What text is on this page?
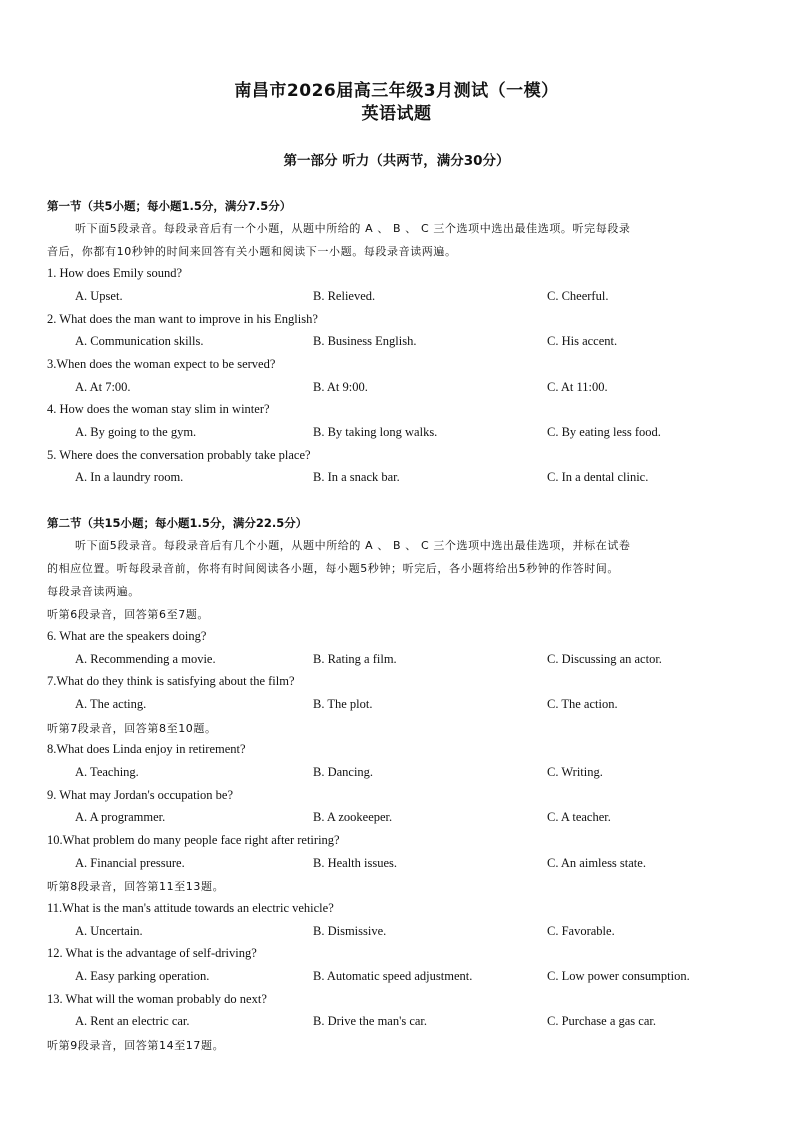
南昌市2026届高三年级3月测试（一模）
英语试题
第一部分 听力（共两节，满分30分）
第一节（共5小题；每小题1.5分，满分7.5分）
听下面5段录音。每段录音后有一个小题，从题中所给的 A 、 B 、 C 三个选项中选出最佳选项。听完每段录
音后，你都有10秒钟的时间来回答有关小题和阅读下一小题。每段录音读两遍。
1. How does Emily sound?
A. Upset.	B. Relieved.	C. Cheerful.
2. What does the man want to improve in his English?
A. Communication skills.	B. Business English.	C. His accent.
3.When does the woman expect to be served?
A. At 7:00.	B. At 9:00.	C. At 11:00.
4. How does the woman stay slim in winter?
A. By going to the gym.	B. By taking long walks.	C. By eating less food.
5. Where does the conversation probably take place?
A. In a laundry room.	B. In a snack bar.	C. In a dental clinic.
第二节（共15小题；每小题1.5分，满分22.5分）
听下面5段录音。每段录音后有几个小题，从题中所给的 A 、 B 、 C 三个选项中选出最佳选项，并标在试卷
的相应位置。听每段录音前，你将有时间阅读各小题，每小题5秒钟；听完后，各小题将给出5秒钟的作答时间。
每段录音读两遍。
听第6段录音，回答第6至7题。
6. What are the speakers doing?
A. Recommending a movie.	B. Rating a film.	C. Discussing an actor.
7.What do they think is satisfying about the film?
A. The acting.	B. The plot.	C. The action.
听第7段录音，回答第8至10题。
8.What does Linda enjoy in retirement?
A. Teaching.	B. Dancing.	C. Writing.
9. What may Jordan's occupation be?
A. A programmer.	B. A zookeeper.	C. A teacher.
10.What problem do many people face right after retiring?
A. Financial pressure.	B. Health issues.	C. An aimless state.
听第8段录音，回答第11至13题。
11.What is the man's attitude towards an electric vehicle?
A. Uncertain.	B. Dismissive.	C. Favorable.
12. What is the advantage of self-driving?
A. Easy parking operation.	B. Automatic speed adjustment.	C. Low power consumption.
13. What will the woman probably do next?
A. Rent an electric car.	B. Drive the man's car.	C. Purchase a gas car.
听第9段录音，回答第14至17题。
